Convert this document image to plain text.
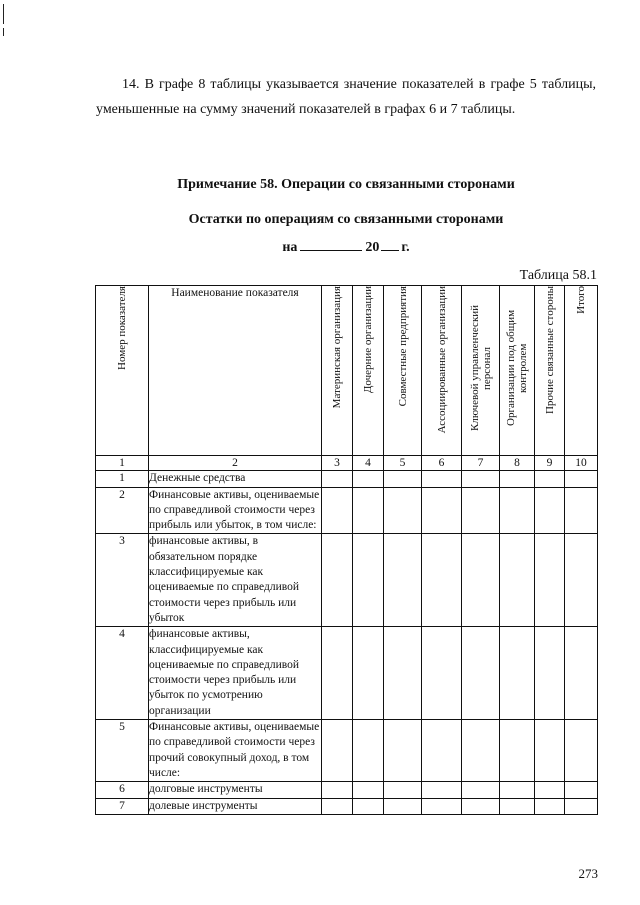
14. В графе 8 таблицы указывается значение показателей в графе 5 таблицы, уменьшенные на сумму значений показателей в графах 6 и 7 таблицы.

Примечание 58. Операции со связанными сторонами

Остатки по операциям со связанными сторонами

на	20 г.

Таблица 58.1

Номер показателя	Наименование показателя	Материнская организация	Дочерние организации	Совместные предприятия	Ассоциированные организации	Ключевой управленческий персонал	Организации под общим контролем	Прочие связанные стороны	Итого
1	2	3	4	5	6	7	8	9	10
1	Денежные средства								
2	Финансовые активы, оцениваемые по справедливой стоимости через прибыль или убыток, в том числе:								
3	финансовые активы, в обязательном порядке классифицируемые как оцениваемые по справедливой стоимости через прибыль или убыток								
4	финансовые активы, классифицируемые как оцениваемые по справедливой стоимости через прибыль или убыток по усмотрению организации								
5	Финансовые активы, оцениваемые по справедливой стоимости через прочий совокупный доход, в том числе:								
6	долговые инструменты								
7	долевые инструменты								

273
